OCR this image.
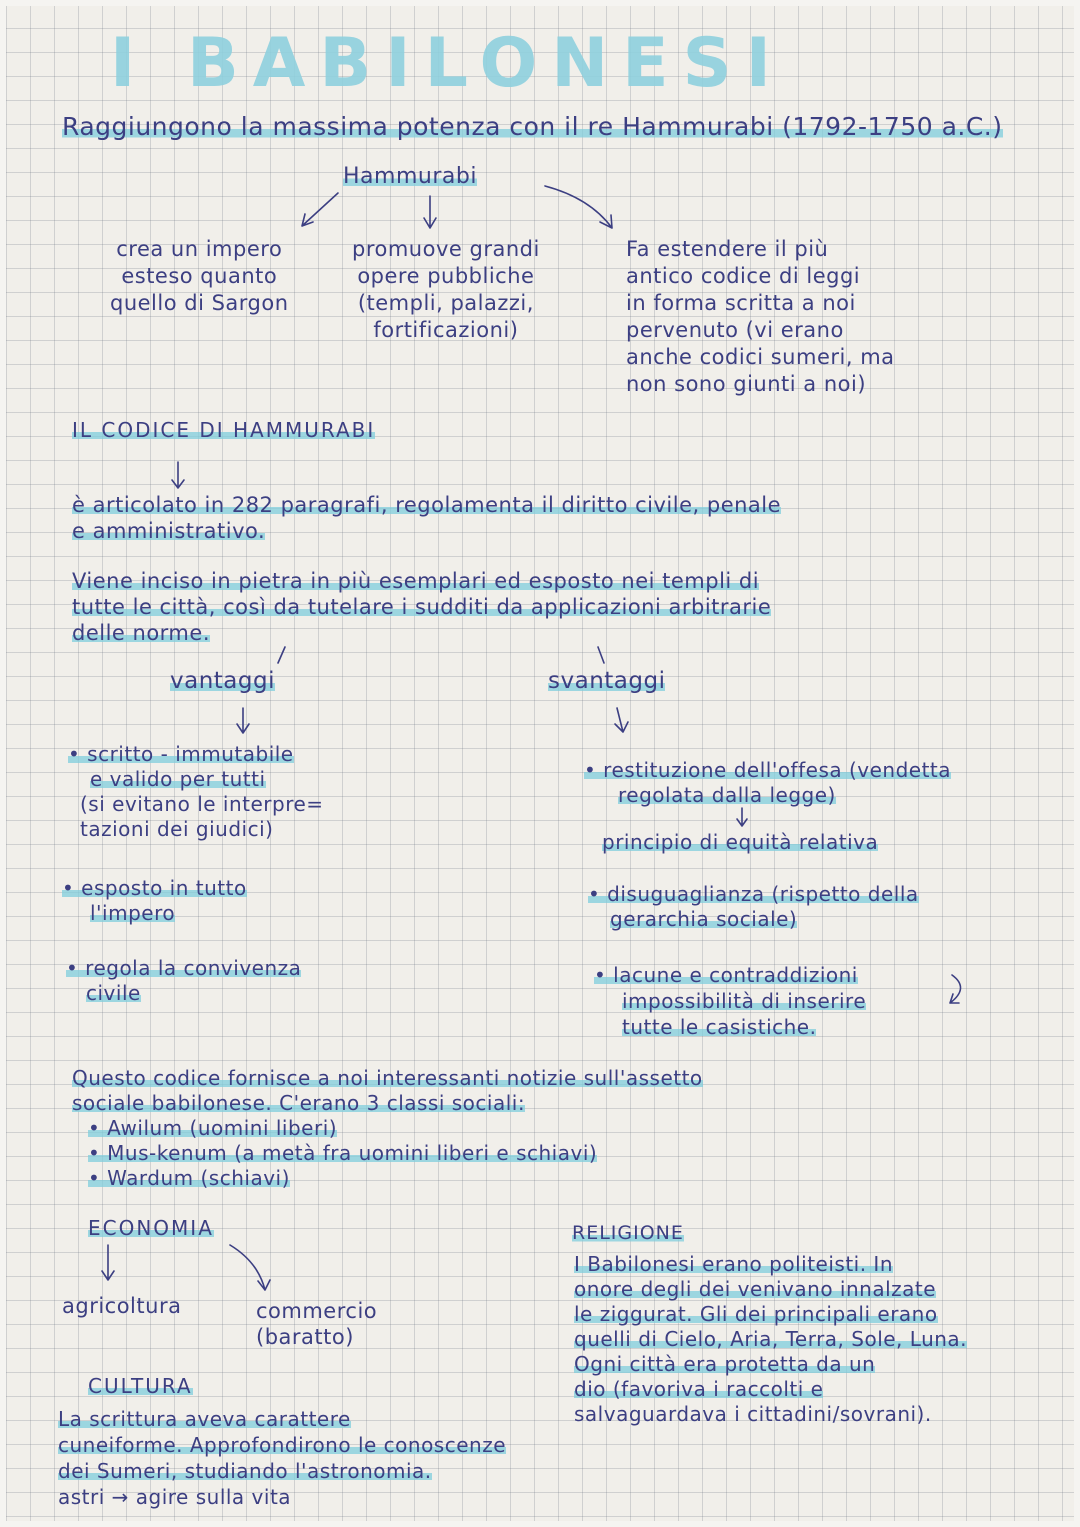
I BABILONESI
Raggiungono la massima potenza con il re Hammurabi (1792-1750 a.C.)
Hammurabi
crea un impero
esteso quanto
quello di Sargon
promuove grandi
opere pubbliche
(templi, palazzi,
fortificazioni)
Fa estendere il più
antico codice di leggi
in forma scritta a noi
pervenuto (vi erano
anche codici sumeri, ma
non sono giunti a noi)
IL CODICE DI HAMMURABI
è articolato in 282 paragrafi, regolamenta il diritto civile, penale
e amministrativo.
Viene inciso in pietra in più esemplari ed esposto nei templi di
tutte le città, così da tutelare i sudditi da applicazioni arbitrarie
delle norme.
vantaggi	svantaggi
• scritto - immutabile
e valido per tutti
(si evitano le interpre=
tazioni dei giudici)
• esposto in tutto
l'impero
• regola la convivenza
civile
• restituzione dell'offesa (vendetta
regolata dalla legge)
principio di equità relativa
• disuguaglianza (rispetto della
gerarchia sociale)
• lacune e contraddizioni
impossibilità di inserire
tutte le casistiche.
Questo codice fornisce a noi interessanti notizie sull'assetto
sociale babilonese. C'erano 3 classi sociali:
• Awilum (uomini liberi)
• Mus-kenum (a metà fra uomini liberi e schiavi)
• Wardum (schiavi)
ECONOMIA
agricoltura	commercio
(baratto)
CULTURA
La scrittura aveva carattere
cuneiforme. Approfondirono le conoscenze
dei Sumeri, studiando l'astronomia.
astri → agire sulla vita
RELIGIONE
I Babilonesi erano politeisti. In
onore degli dei venivano innalzate
le ziggurat. Gli dei principali erano
quelli di Cielo, Aria, Terra, Sole, Luna.
Ogni città era protetta da un
dio (favoriva i raccolti e
salvaguardava i cittadini/sovrani).
